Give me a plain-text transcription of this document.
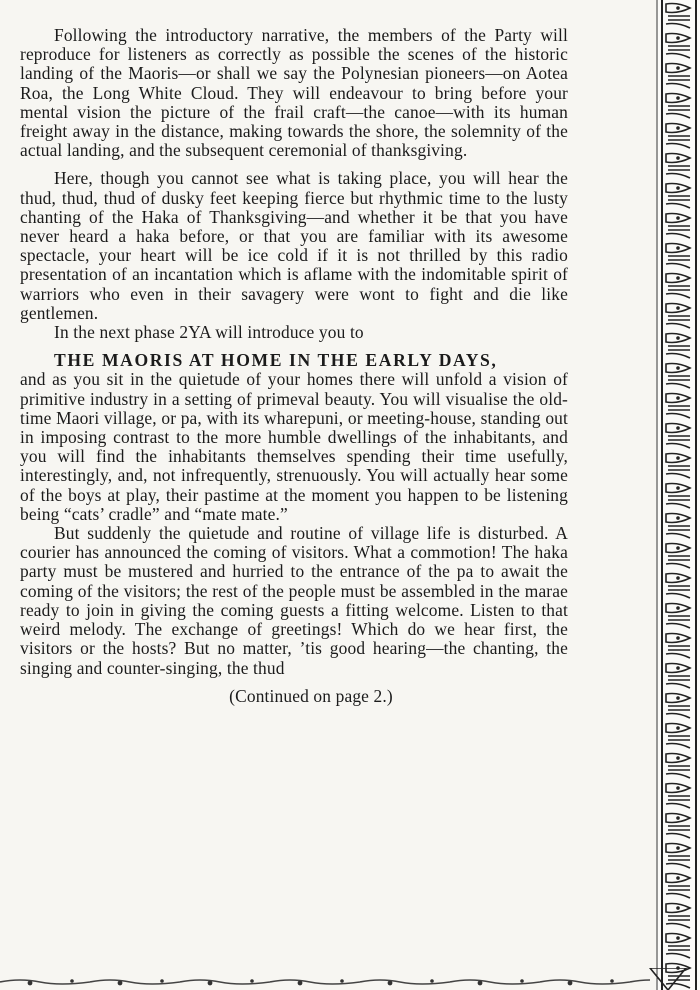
Following the introductory narrative, the members of the Party will reproduce for listeners as correctly as possible the scenes of the historic landing of the Maoris—or shall we say the Polynesian pioneers—on Aotea Roa, the Long White Cloud. They will endeavour to bring before your mental vision the picture of the frail craft—the canoe—with its human freight away in the distance, making towards the shore, the solemnity of the actual landing, and the subsequent ceremonial of thanksgiving.

Here, though you cannot see what is taking place, you will hear the thud, thud, thud of dusky feet keeping fierce but rhythmic time to the lusty chanting of the Haka of Thanksgiving—and whether it be that you have never heard a haka before, or that you are familiar with its awesome spectacle, your heart will be ice cold if it is not thrilled by this radio presentation of an incantation which is aflame with the indomitable spirit of warriors who even in their savagery were wont to fight and die like gentlemen.

In the next phase 2YA will introduce you to

THE MAORIS AT HOME IN THE EARLY DAYS,

and as you sit in the quietude of your homes there will unfold a vision of primitive industry in a setting of primeval beauty. You will visualise the old-time Maori village, or pa, with its wharepuni, or meeting-house, standing out in imposing contrast to the more humble dwellings of the inhabitants, and you will find the inhabitants themselves spending their time usefully, interestingly, and, not infrequently, strenuously. You will actually hear some of the boys at play, their pastime at the moment you happen to be listening being “cats’ cradle” and “mate mate.”

But suddenly the quietude and routine of village life is disturbed. A courier has announced the coming of visitors. What a commotion! The haka party must be mustered and hurried to the entrance of the pa to await the coming of the visitors; the rest of the people must be assembled in the marae ready to join in giving the coming guests a fitting welcome. Listen to that weird melody. The exchange of greetings! Which do we hear first, the visitors or the hosts? But no matter, ’tis good hearing—the chanting, the singing and counter-singing, the thud

(Continued on page 2.)
